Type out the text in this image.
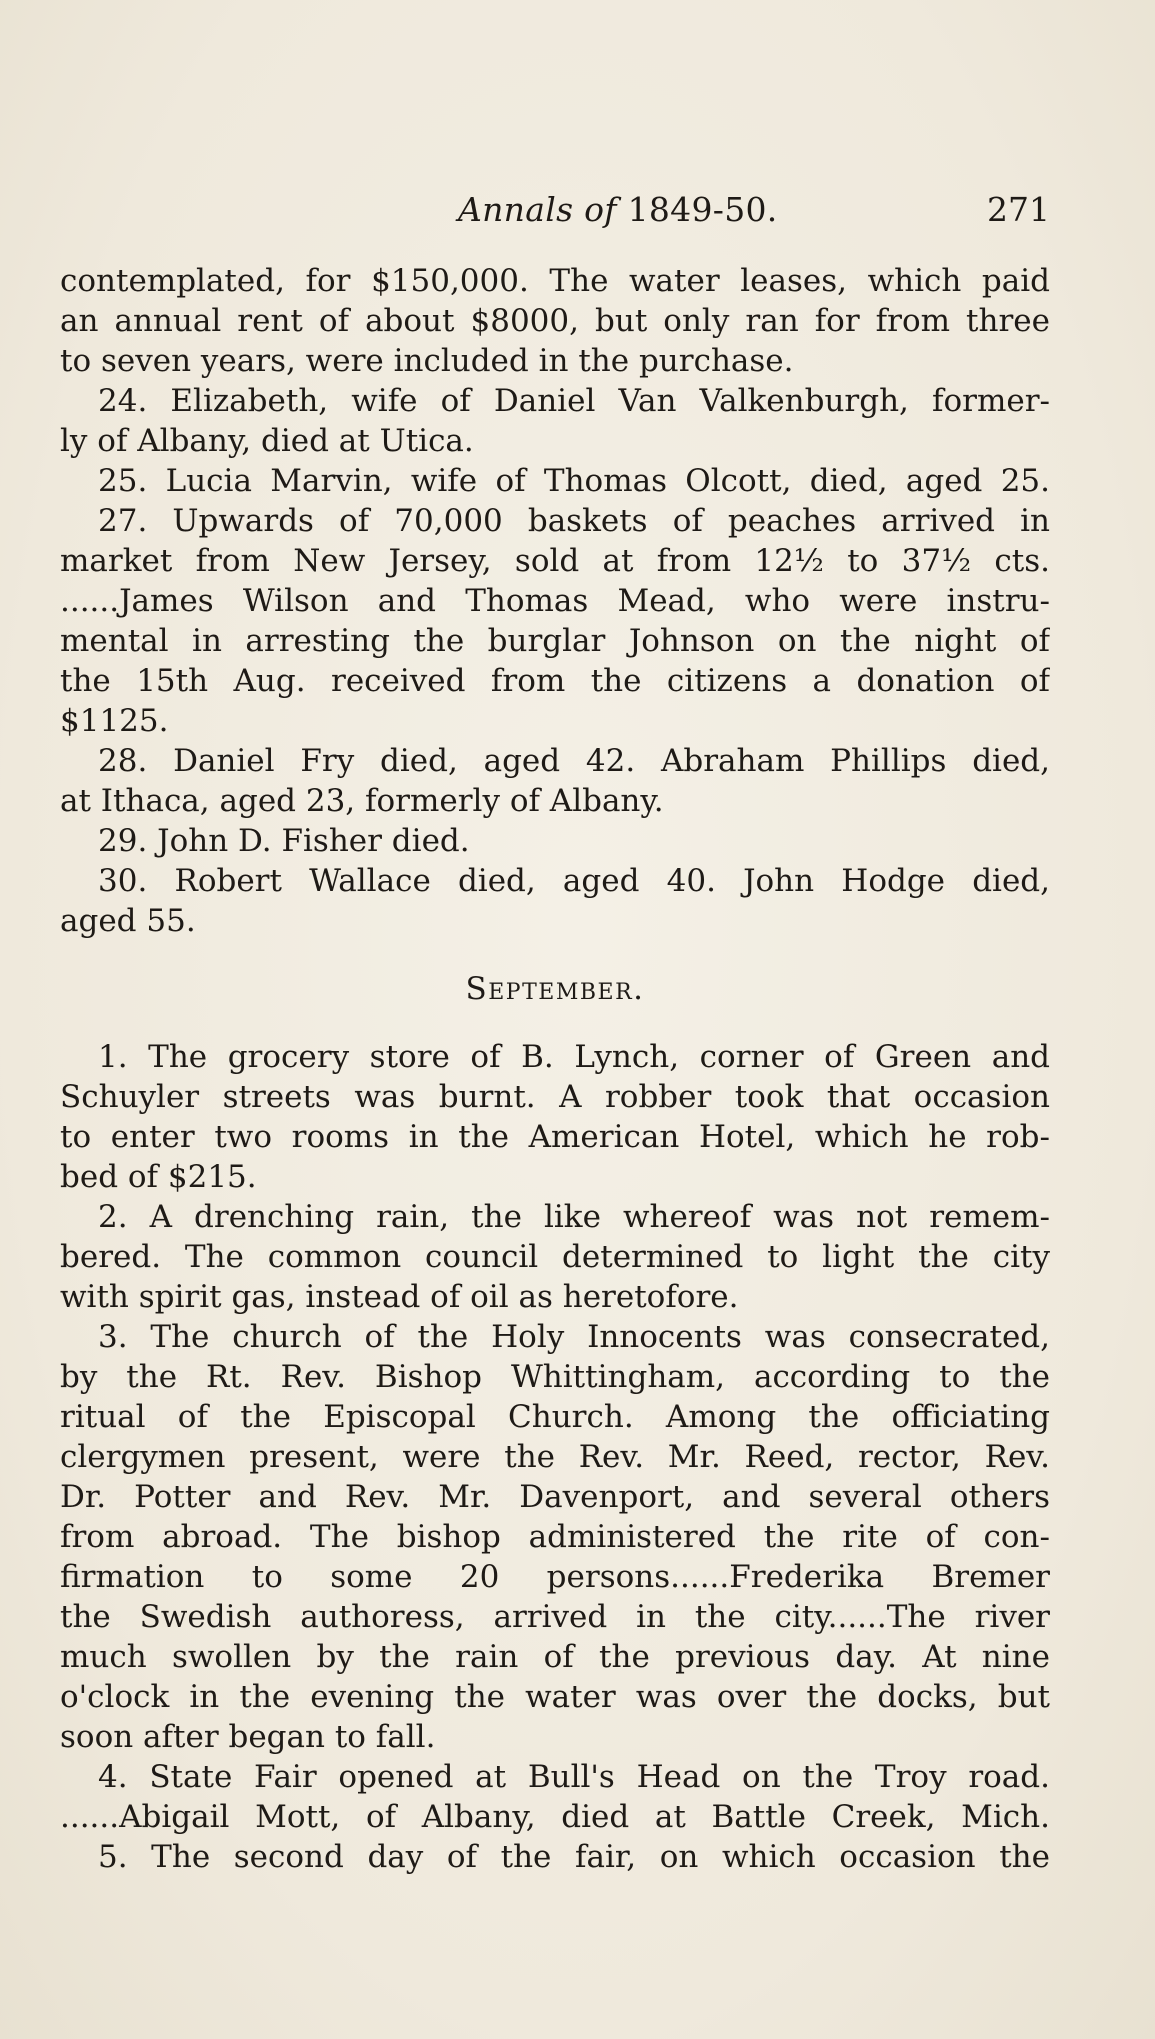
Annals of 1849-50.	271
contemplated, for $150,000. The water leases, which paid
an annual rent of about $8000, but only ran for from three
to seven years, were included in the purchase.
24. Elizabeth, wife of Daniel Van Valkenburgh, former-
ly of Albany, died at Utica.
25. Lucia Marvin, wife of Thomas Olcott, died, aged 25.
27. Upwards of 70,000 baskets of peaches arrived in
market from New Jersey, sold at from 12½ to 37½ cts.
......James Wilson and Thomas Mead, who were instru-
mental in arresting the burglar Johnson on the night of
the 15th Aug. received from the citizens a donation of
$1125.
28. Daniel Fry died, aged 42. Abraham Phillips died,
at Ithaca, aged 23, formerly of Albany.
29. John D. Fisher died.
30. Robert Wallace died, aged 40. John Hodge died,
aged 55.
September.
1. The grocery store of B. Lynch, corner of Green and
Schuyler streets was burnt. A robber took that occasion
to enter two rooms in the American Hotel, which he rob-
bed of $215.
2. A drenching rain, the like whereof was not remem-
bered. The common council determined to light the city
with spirit gas, instead of oil as heretofore.
3. The church of the Holy Innocents was consecrated,
by the Rt. Rev. Bishop Whittingham, according to the
ritual of the Episcopal Church. Among the officiating
clergymen present, were the Rev. Mr. Reed, rector, Rev.
Dr. Potter and Rev. Mr. Davenport, and several others
from abroad. The bishop administered the rite of con-
firmation to some 20 persons......Frederika Bremer
the Swedish authoress, arrived in the city......The river
much swollen by the rain of the previous day. At nine
o'clock in the evening the water was over the docks, but
soon after began to fall.
4. State Fair opened at Bull's Head on the Troy road.
......Abigail Mott, of Albany, died at Battle Creek, Mich.
5. The second day of the fair, on which occasion the
